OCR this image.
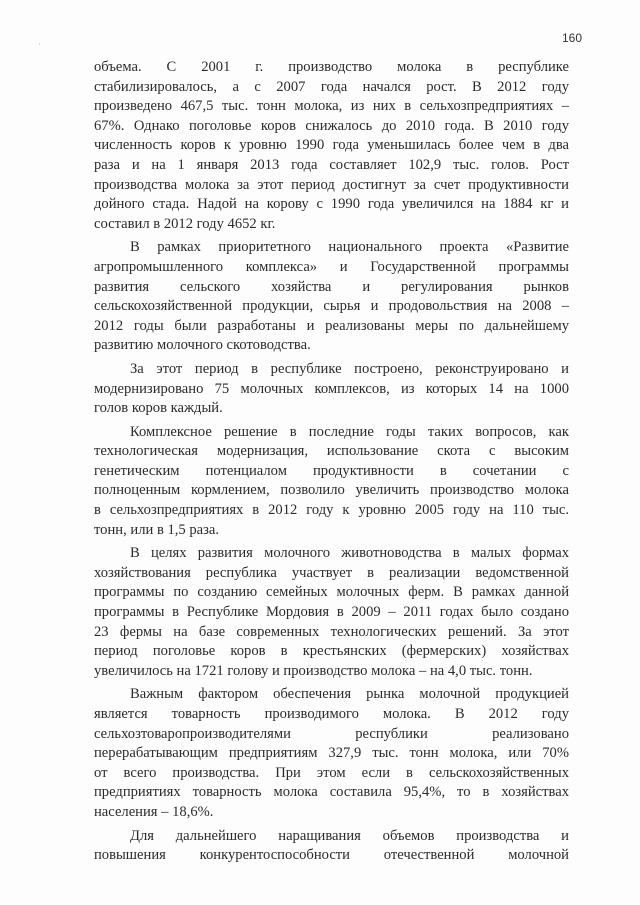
·	160
объема. С 2001 г. производство молока в республике
стабилизировалось, а с 2007 года начался рост. В 2012 году
произведено 467,5 тыс. тонн молока, из них в сельхозпредприятиях –
67%. Однако поголовье коров снижалось до 2010 года. В 2010 году
численность коров к уровню 1990 года уменьшилась более чем в два
раза и на 1 января 2013 года составляет 102,9 тыс. голов. Рост
производства молока за этот период достигнут за счет продуктивности
дойного стада. Надой на корову с 1990 года увеличился на 1884 кг и
составил в 2012 году 4652 кг.
В рамках приоритетного национального проекта «Развитие
агропромышленного комплекса» и Государственной программы
развития сельского хозяйства и регулирования рынков
сельскохозяйственной продукции, сырья и продовольствия на 2008 –
2012 годы были разработаны и реализованы меры по дальнейшему
развитию молочного скотоводства.
За этот период в республике построено, реконструировано и
модернизировано 75 молочных комплексов, из которых 14 на 1000
голов коров каждый.
Комплексное решение в последние годы таких вопросов, как
технологическая модернизация, использование скота с высоким
генетическим потенциалом продуктивности в сочетании с
полноценным кормлением, позволило увеличить производство молока
в сельхозпредприятиях в 2012 году к уровню 2005 году на 110 тыс.
тонн, или в 1,5 раза.
В целях развития молочного животноводства в малых формах
хозяйствования республика участвует в реализации ведомственной
программы по созданию семейных молочных ферм. В рамках данной
программы в Республике Мордовия в 2009 – 2011 годах было создано
23 фермы на базе современных технологических решений. За этот
период поголовье коров в крестьянских (фермерских) хозяйствах
увеличилось на 1721 голову и производство молока – на 4,0 тыс. тонн.
Важным фактором обеспечения рынка молочной продукцией
является товарность производимого молока. В 2012 году
сельхозтоваропроизводителями республики реализовано
перерабатывающим предприятиям 327,9 тыс. тонн молока, или 70%
от всего производства. При этом если в сельскохозяйственных
предприятиях товарность молока составила 95,4%, то в хозяйствах
населения – 18,6%.
Для дальнейшего наращивания объемов производства и
повышения конкурентоспособности отечественной молочной
